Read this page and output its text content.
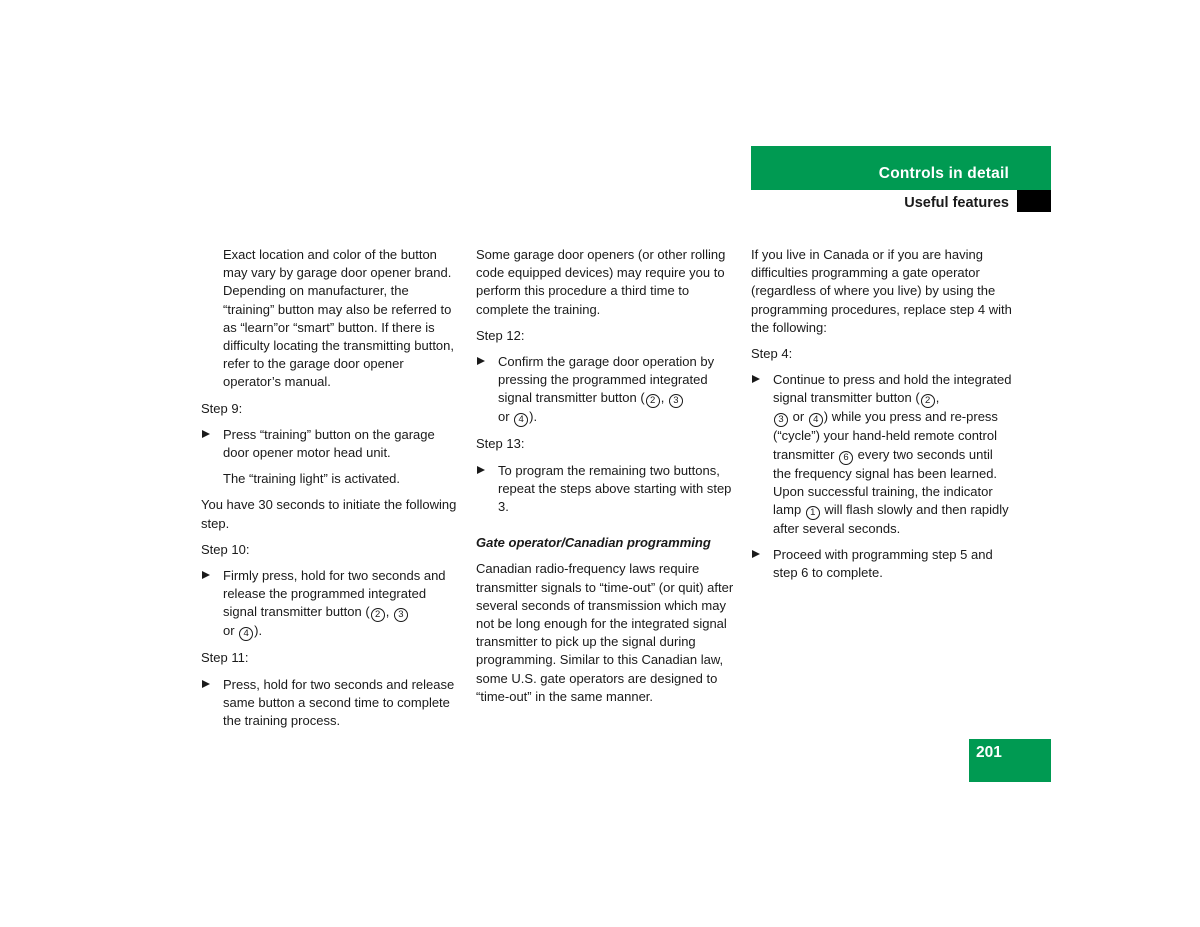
Controls in detail
Useful features

Exact location and color of the button may vary by garage door opener brand. Depending on manufacturer, the “training” button may also be referred to as “learn”or “smart” button. If there is difficulty locating the transmitting button, refer to the garage door opener operator’s manual.

Step 9:

Press “training” button on the garage door opener motor head unit.

The “training light” is activated.

You have 30 seconds to initiate the following step.

Step 10:

Firmly press, hold for two seconds and release the programmed integrated signal transmitter button ( 2 , 3
or 4 ).

Step 11:

Press, hold for two seconds and release same button a second time to complete the training process.

Some garage door openers (or other rolling code equipped devices) may require you to perform this procedure a third time to complete the training.

Step 12:

Confirm the garage door operation by pressing the programmed integrated signal transmitter button ( 2 , 3
or 4 ).

Step 13:

To program the remaining two buttons, repeat the steps above starting with step 3.

Gate operator/Canadian programming

Canadian radio-frequency laws require transmitter signals to “time-out” (or quit) after several seconds of transmission which may not be long enough for the integrated signal transmitter to pick up the signal during programming. Similar to this Canadian law, some U.S. gate operators are designed to “time-out” in the same manner.

If you live in Canada or if you are having difficulties programming a gate operator (regardless of where you live) by using the programming procedures, replace step 4 with the following:

Step 4:

Continue to press and hold the integrated signal transmitter button ( 2 ,
3 or 4 ) while you press and re-press (“cycle”) your hand-held remote control transmitter 6 every two seconds until the frequency signal has been learned. Upon successful training, the indicator lamp 1 will flash slowly and then rapidly after several seconds.
Proceed with programming step 5 and step 6 to complete.
201
